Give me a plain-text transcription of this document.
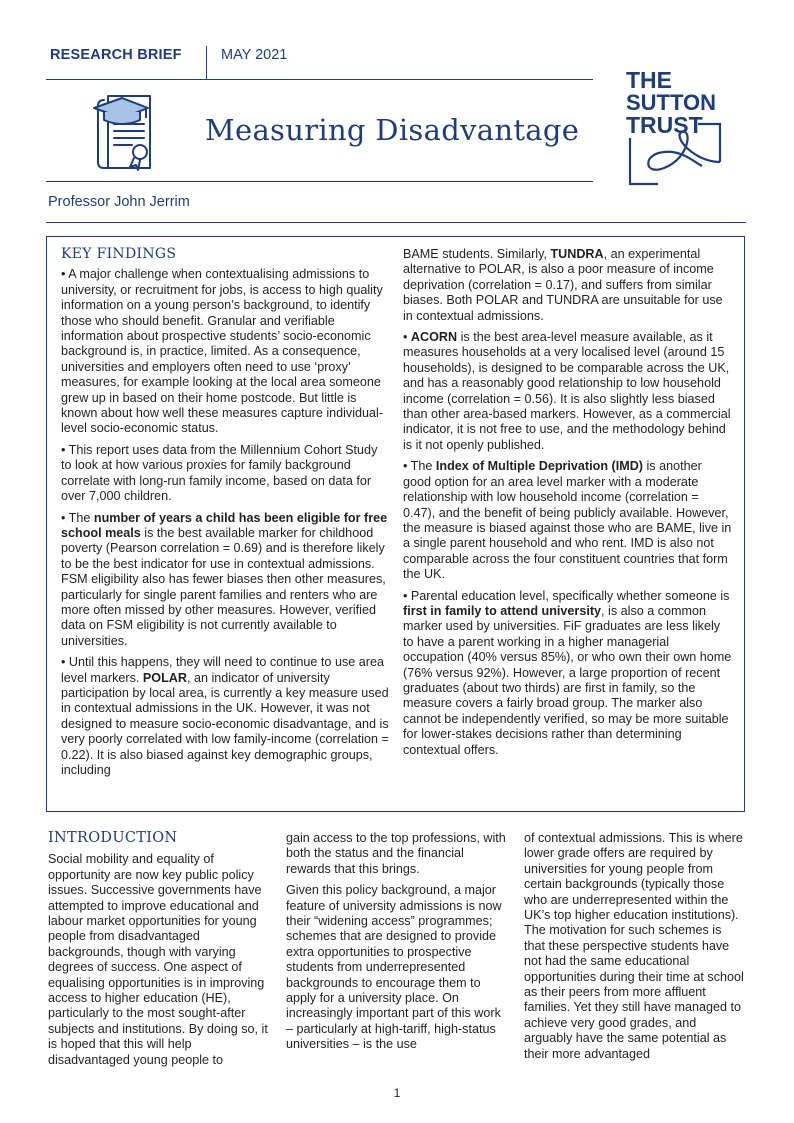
RESEARCH BRIEF	MAY 2021
Measuring Disadvantage
THE
SUTTON
TRUST
Professor John Jerrim
KEY FINDINGS

• A major challenge when contextualising admissions to university, or recruitment for jobs, is access to high quality information on a young person’s background, to identify those who should benefit. Granular and verifiable information about prospective students’ socio-economic background is, in practice, limited. As a consequence, universities and employers often need to use ‘proxy’ measures, for example looking at the local area someone grew up in based on their home postcode. But little is known about how well these measures capture individual-level socio-economic status.

• This report uses data from the Millennium Cohort Study to look at how various proxies for family background correlate with long-run family income, based on data for over 7,000 children.

• The number of years a child has been eligible for free school meals is the best available marker for childhood poverty (Pearson correlation = 0.69) and is therefore likely to be the best indicator for use in contextual admissions. FSM eligibility also has fewer biases then other measures, particularly for single parent families and renters who are more often missed by other measures. However, verified data on FSM eligibility is not currently available to universities.

• Until this happens, they will need to continue to use area level markers. POLAR, an indicator of university participation by local area, is currently a key measure used in contextual admissions in the UK. However, it was not designed to measure socio-economic disadvantage, and is very poorly correlated with low family-income (correlation = 0.22). It is also biased against key demographic groups, including

BAME students. Similarly, TUNDRA, an experimental alternative to POLAR, is also a poor measure of income deprivation (correlation = 0.17), and suffers from similar biases. Both POLAR and TUNDRA are unsuitable for use in contextual admissions.

• ACORN is the best area-level measure available, as it measures households at a very localised level (around 15 households), is designed to be comparable across the UK, and has a reasonably good relationship to low household income (correlation = 0.56). It is also slightly less biased than other area-based markers. However, as a commercial indicator, it is not free to use, and the methodology behind is it not openly published.

• The Index of Multiple Deprivation (IMD) is another good option for an area level marker with a moderate relationship with low household income (correlation = 0.47), and the benefit of being publicly available. However, the measure is biased against those who are BAME, live in a single parent household and who rent. IMD is also not comparable across the four constituent countries that form the UK.

• Parental education level, specifically whether someone is first in family to attend university, is also a common marker used by universities. FiF graduates are less likely to have a parent working in a higher managerial occupation (40% versus 85%), or who own their own home (76% versus 92%). However, a large proportion of recent graduates (about two thirds) are first in family, so the measure covers a fairly broad group. The marker also cannot be independently verified, so may be more suitable for lower-stakes decisions rather than determining contextual offers.

INTRODUCTION

Social mobility and equality of opportunity are now key public policy issues. Successive governments have attempted to improve educational and labour market opportunities for young people from disadvantaged backgrounds, though with varying degrees of success. One aspect of equalising opportunities is in improving access to higher education (HE), particularly to the most sought-after subjects and institutions. By doing so, it is hoped that this will help disadvantaged young people to

gain access to the top professions, with both the status and the financial rewards that this brings.

Given this policy background, a major feature of university admissions is now their “widening access” programmes; schemes that are designed to provide extra opportunities to prospective students from underrepresented backgrounds to encourage them to apply for a university place. On increasingly important part of this work – particularly at high-tariff, high-status universities – is the use

of contextual admissions. This is where lower grade offers are required by universities for young people from certain backgrounds (typically those who are underrepresented within the UK’s top higher education institutions). The motivation for such schemes is that these perspective students have not had the same educational opportunities during their time at school as their peers from more affluent families. Yet they still have managed to achieve very good grades, and arguably have the same potential as their more advantaged

1
